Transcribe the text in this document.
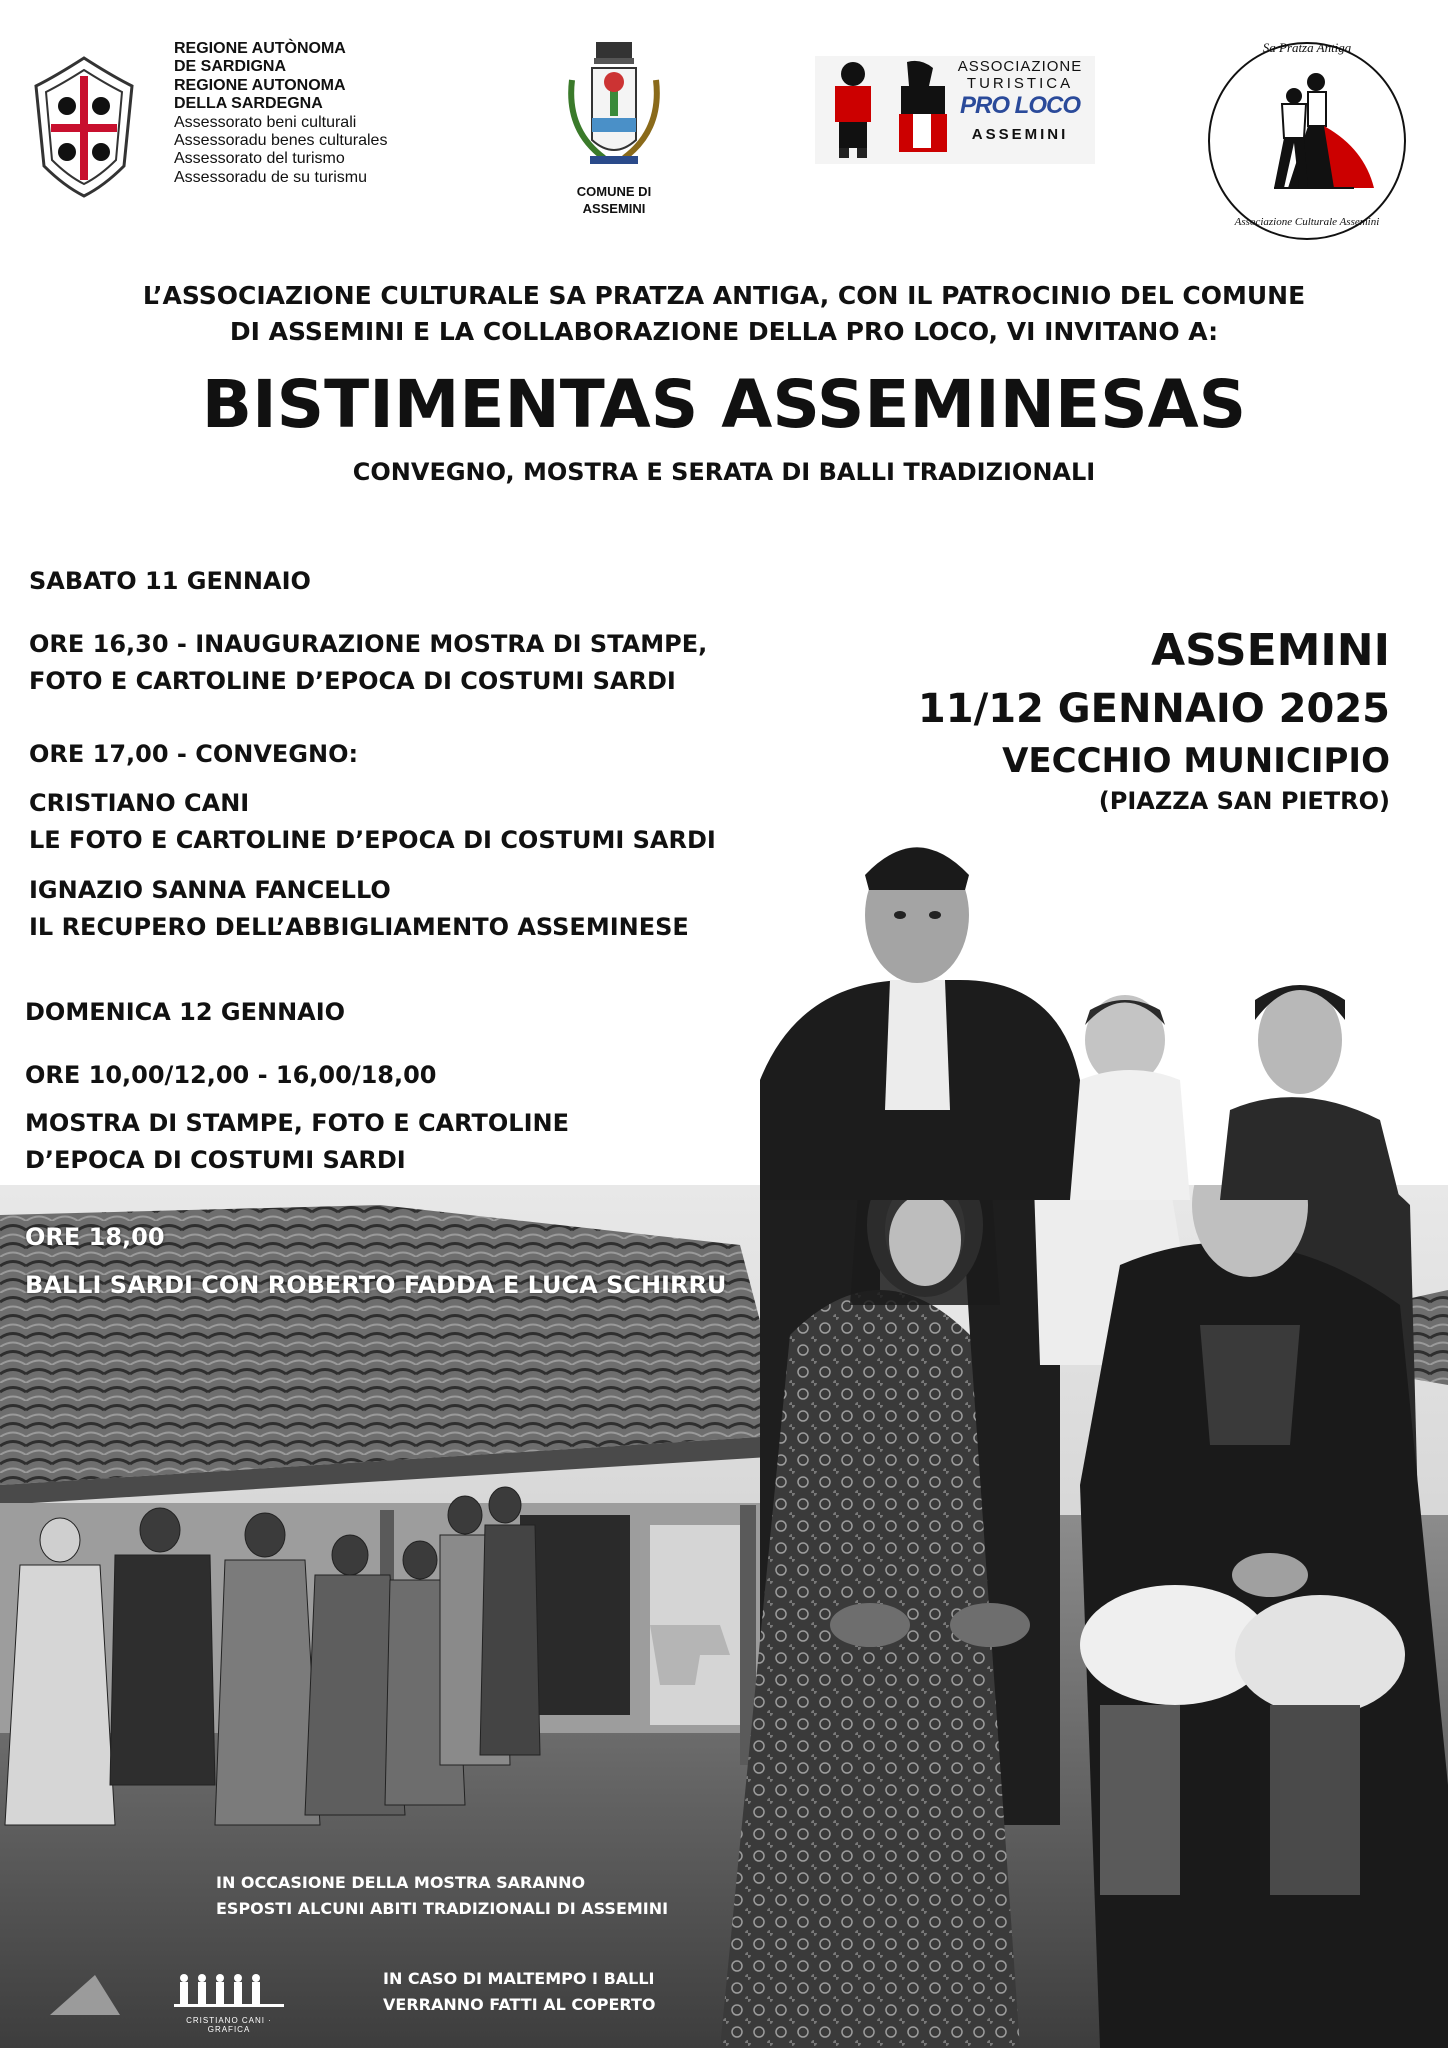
REGIONE AUTÒNOMA
DE SARDIGNA
REGIONE AUTONOMA
DELLA SARDEGNA
Assessorato beni culturali
Assessoradu benes culturales
Assessorato del turismo
Assessoradu de su turismu
COMUNE DI
ASSEMINI
ASSOCIAZIONE
TURISTICA
PRO LOCO
ASSEMINI
Sa Pratza Antiga
Associazione Culturale Assemini
L’ASSOCIAZIONE CULTURALE SA PRATZA ANTIGA, CON IL PATROCINIO DEL COMUNE
DI ASSEMINI E LA COLLABORAZIONE DELLA PRO LOCO, VI INVITANO A:
BISTIMENTAS ASSEMINESAS
CONVEGNO, MOSTRA E SERATA DI BALLI TRADIZIONALI
ASSEMINI
11/12 GENNAIO 2025
VECCHIO MUNICIPIO
(PIAZZA SAN PIETRO)
SABATO 11 GENNAIO
ORE 16,30 - INAUGURAZIONE MOSTRA DI STAMPE,
FOTO E CARTOLINE D’EPOCA DI COSTUMI SARDI
ORE 17,00 - CONVEGNO:
CRISTIANO CANI
LE FOTO E CARTOLINE D’EPOCA DI COSTUMI SARDI
IGNAZIO SANNA FANCELLO
IL RECUPERO DELL’ABBIGLIAMENTO ASSEMINESE
DOMENICA 12 GENNAIO
ORE 10,00/12,00 - 16,00/18,00
MOSTRA DI STAMPE, FOTO E CARTOLINE
D’EPOCA DI COSTUMI SARDI
ORE 18,00
BALLI SARDI CON ROBERTO FADDA E LUCA SCHIRRU
IN OCCASIONE DELLA MOSTRA SARANNO
ESPOSTI ALCUNI ABITI TRADIZIONALI DI ASSEMINI
IN CASO DI MALTEMPO I BALLI
VERRANNO FATTI AL COPERTO
CRISTIANO CANI · GRAFICA
